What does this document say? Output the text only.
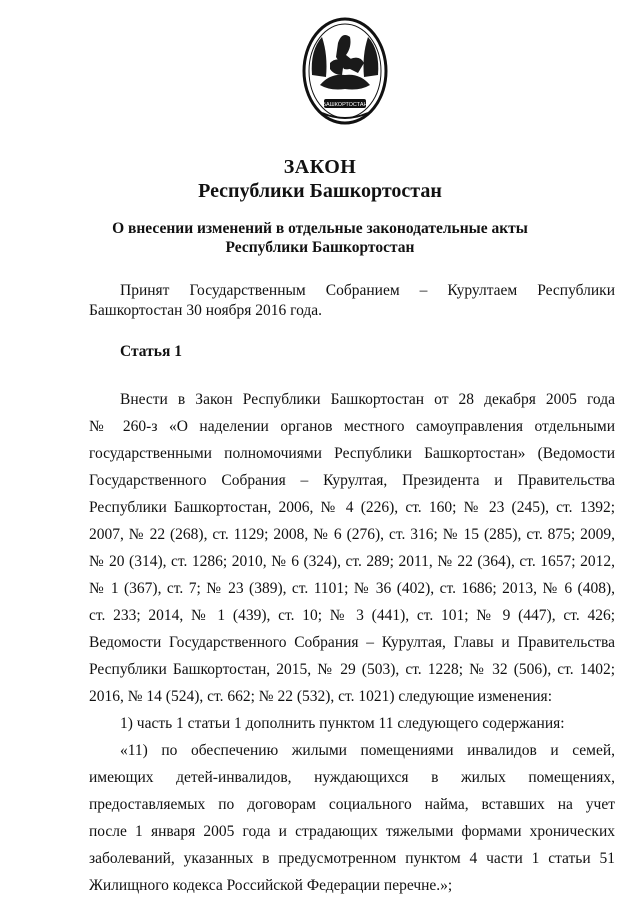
БАШКОРТОСТАН
ЗАКОН
Республики Башкортостан
О внесении изменений в отдельные законодательные акты
Республики Башкортостан
Принят Государственным Собранием – Курултаем Республики
Башкортостан 30 ноября 2016 года.
Статья 1
Внести в Закон Республики Башкортостан от 28 декабря 2005 года
№ 260-з «О наделении органов местного самоуправления отдельными
государственными полномочиями Республики Башкортостан» (Ведомости
Государственного Собрания – Курултая, Президента и Правительства
Республики Башкортостан, 2006, № 4 (226), ст. 160; № 23 (245), ст. 1392;
2007, № 22 (268), ст. 1129; 2008, № 6 (276), ст. 316; № 15 (285), ст. 875; 2009,
№ 20 (314), ст. 1286; 2010, № 6 (324), ст. 289; 2011, № 22 (364), ст. 1657; 2012,
№ 1 (367), ст. 7; № 23 (389), ст. 1101; № 36 (402), ст. 1686; 2013, № 6 (408),
ст. 233; 2014, № 1 (439), ст. 10; № 3 (441), ст. 101; № 9 (447), ст. 426;
Ведомости Государственного Собрания – Курултая, Главы и Правительства
Республики Башкортостан, 2015, № 29 (503), ст. 1228; № 32 (506), ст. 1402;
2016, № 14 (524), ст. 662; № 22 (532), ст. 1021) следующие изменения:
1) часть 1 статьи 1 дополнить пунктом 11 следующего содержания:
«11) по обеспечению жилыми помещениями инвалидов и семей,
имеющих детей-инвалидов, нуждающихся в жилых помещениях,
предоставляемых по договорам социального найма, вставших на учет
после 1 января 2005 года и страдающих тяжелыми формами хронических
заболеваний, указанных в предусмотренном пунктом 4 части 1 статьи 51
Жилищного кодекса Российской Федерации перечне.»;
